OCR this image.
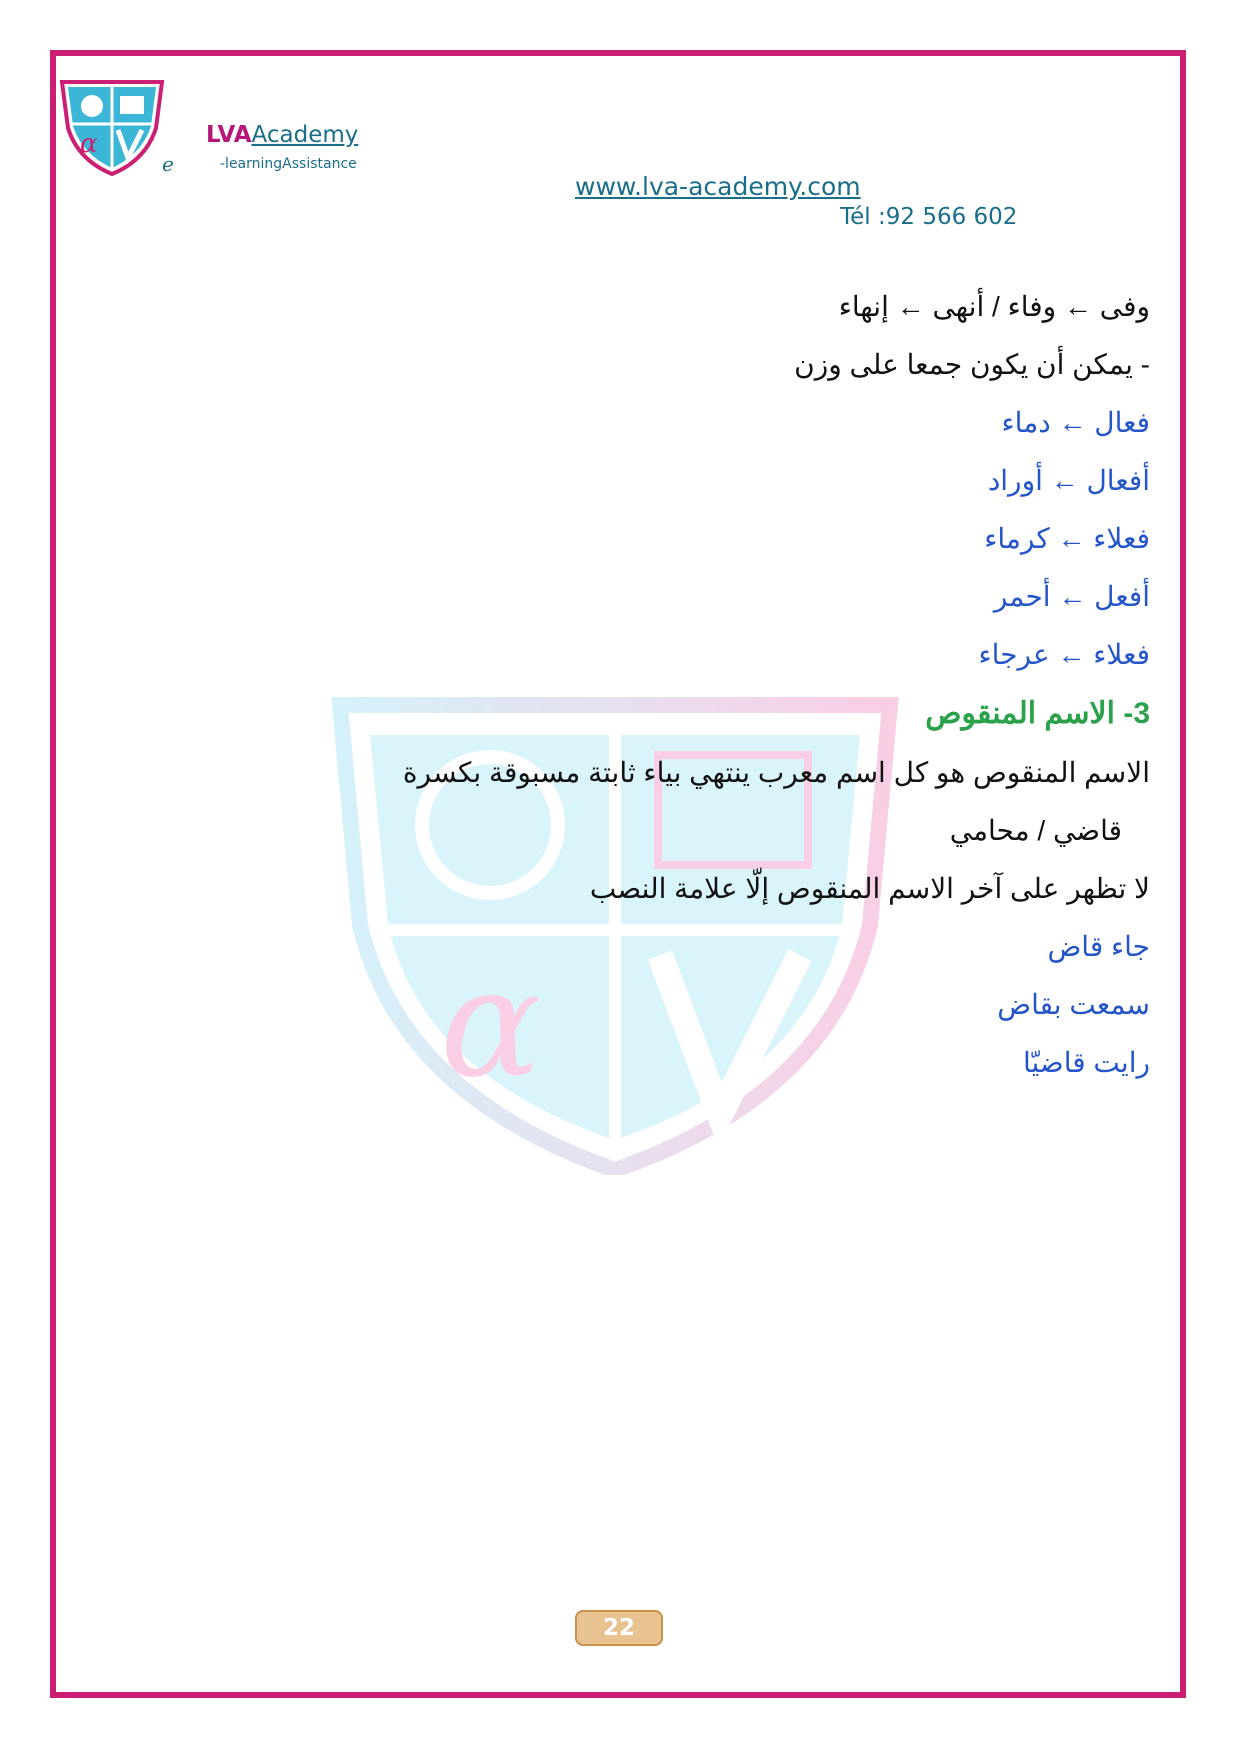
α
e
LVAAcademy
-learningAssistance
www.lva-academy.com
Tél :92 566 602
α
وفى ← وفاء / أنهى ← إنهاء
- يمكن أن يكون جمعا على وزن
فعال ← دماء
أفعال ← أوراد
فعلاء ← كرماء
أفعل ← أحمر
فعلاء ← عرجاء
3- الاسم المنقوص
الاسم المنقوص هو كل اسم معرب ينتهي بياء ثابتة مسبوقة بكسرة
قاضي / محامي
لا تظهر على آخر الاسم المنقوص إلّا علامة النصب
جاء قاض
سمعت بقاض
رايت قاضيّا
22
